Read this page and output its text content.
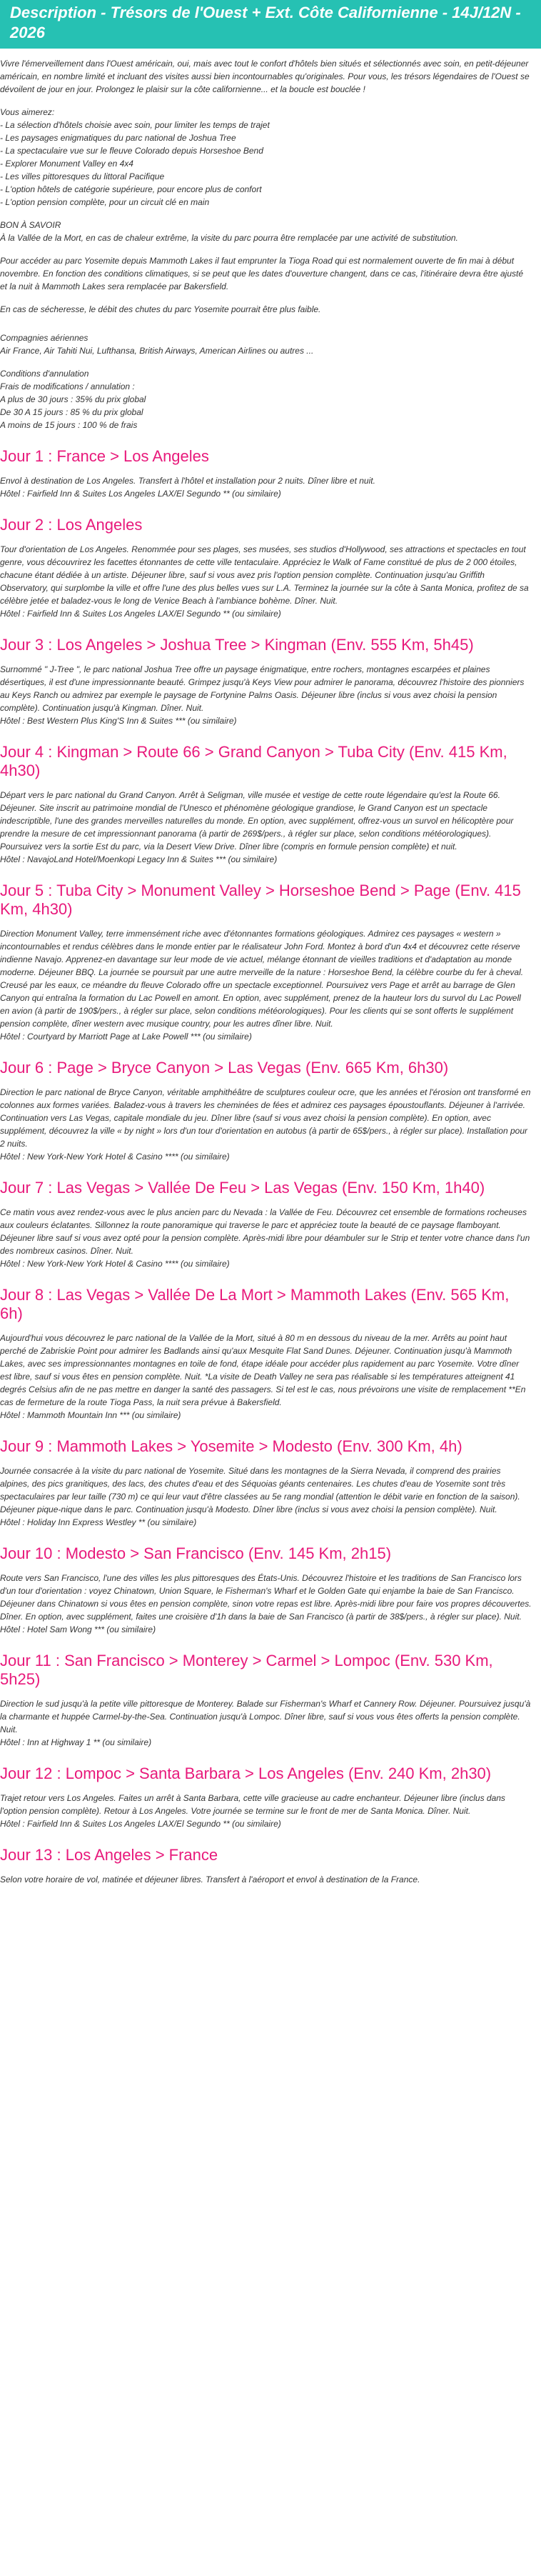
Description - Trésors de l'Ouest + Ext. Côte Californienne - 14J/12N - 2026

Vivre l'émerveillement dans l'Ouest américain, oui, mais avec tout le confort d'hôtels bien situés et sélectionnés avec soin, en petit-déjeuner américain, en nombre limité et incluant des visites aussi bien incontournables qu'originales. Pour vous, les trésors légendaires de l'Ouest se dévoilent de jour en jour. Prolongez le plaisir sur la côte californienne... et la boucle est bouclée !

Vous aimerez:
- La sélection d'hôtels choisie avec soin, pour limiter les temps de trajet
- Les paysages enigmatiques du parc national de Joshua Tree
- La spectaculaire vue sur le fleuve Colorado depuis Horseshoe Bend
- Explorer Monument Valley en 4x4
- Les villes pittoresques du littoral Pacifique
- L'option hôtels de catégorie supérieure, pour encore plus de confort
- L'option pension complète, pour un circuit clé en main
BON À SAVOIR
À la Vallée de la Mort, en cas de chaleur extrême, la visite du parc pourra être remplacée par une activité de substitution.

Pour accéder au parc Yosemite depuis Mammoth Lakes il faut emprunter la Tioga Road qui est normalement ouverte de fin mai à début novembre. En fonction des conditions climatiques, si se peut que les dates d'ouverture changent, dans ce cas, l'itinéraire devra être ajusté et la nuit à Mammoth Lakes sera remplacée par Bakersfield.

En cas de sécheresse, le débit des chutes du parc Yosemite pourrait être plus faible.

Compagnies aériennes
Air France, Air Tahiti Nui, Lufthansa, British Airways, American Airlines ou autres ...
Conditions d'annulation
Frais de modifications / annulation :
A plus de 30 jours : 35% du prix global
De 30 A 15 jours : 85 % du prix global
A moins de 15 jours : 100 % de frais
Jour 1 : France > Los Angeles

Envol à destination de Los Angeles. Transfert à l'hôtel et installation pour 2 nuits. Dîner libre et nuit.

Hôtel : Fairfield Inn & Suites Los Angeles LAX/El Segundo ** (ou similaire)

Jour 2 : Los Angeles

Tour d'orientation de Los Angeles. Renommée pour ses plages, ses musées, ses studios d'Hollywood, ses attractions et spectacles en tout genre, vous découvrirez les facettes étonnantes de cette ville tentaculaire. Appréciez le Walk of Fame constitué de plus de 2 000 étoiles, chacune étant dédiée à un artiste. Déjeuner libre, sauf si vous avez pris l'option pension complète. Continuation jusqu'au Griffith Observatory, qui surplombe la ville et offre l'une des plus belles vues sur L.A. Terminez la journée sur la côte à Santa Monica, profitez de sa célèbre jetée et baladez-vous le long de Venice Beach à l'ambiance bohème. Dîner. Nuit.

Hôtel : Fairfield Inn & Suites Los Angeles LAX/El Segundo ** (ou similaire)

Jour 3 : Los Angeles > Joshua Tree > Kingman (Env. 555 Km, 5h45)

Surnommé " J-Tree ", le parc national Joshua Tree offre un paysage énigmatique, entre rochers, montagnes escarpées et plaines désertiques, il est d'une impressionnante beauté. Grimpez jusqu'à Keys View pour admirer le panorama, découvrez l'histoire des pionniers au Keys Ranch ou admirez par exemple le paysage de Fortynine Palms Oasis. Déjeuner libre (inclus si vous avez choisi la pension complète). Continuation jusqu'à Kingman. Dîner. Nuit.

Hôtel : Best Western Plus King'S Inn & Suites *** (ou similaire)

Jour 4 : Kingman > Route 66 > Grand Canyon > Tuba City (Env. 415 Km, 4h30)

Départ vers le parc national du Grand Canyon. Arrêt à Seligman, ville musée et vestige de cette route légendaire qu'est la Route 66. Déjeuner. Site inscrit au patrimoine mondial de l'Unesco et phénomène géologique grandiose, le Grand Canyon est un spectacle indescriptible, l'une des grandes merveilles naturelles du monde. En option, avec supplément, offrez-vous un survol en hélicoptère pour prendre la mesure de cet impressionnant panorama (à partir de 269$/pers., à régler sur place, selon conditions météorologiques). Poursuivez vers la sortie Est du parc, via la Desert View Drive. Dîner libre (compris en formule pension complète) et nuit.

Hôtel : NavajoLand Hotel/Moenkopi Legacy Inn & Suites *** (ou similaire)

Jour 5 : Tuba City > Monument Valley > Horseshoe Bend > Page (Env. 415 Km, 4h30)

Direction Monument Valley, terre immensément riche avec d'étonnantes formations géologiques. Admirez ces paysages « western » incontournables et rendus célèbres dans le monde entier par le réalisateur John Ford. Montez à bord d'un 4x4 et découvrez cette réserve indienne Navajo. Apprenez-en davantage sur leur mode de vie actuel, mélange étonnant de vieilles traditions et d'adaptation au monde moderne. Déjeuner BBQ. La journée se poursuit par une autre merveille de la nature : Horseshoe Bend, la célèbre courbe du fer à cheval. Creusé par les eaux, ce méandre du fleuve Colorado offre un spectacle exceptionnel. Poursuivez vers Page et arrêt au barrage de Glen Canyon qui entraîna la formation du Lac Powell en amont. En option, avec supplément, prenez de la hauteur lors du survol du Lac Powell en avion (à partir de 190$/pers., à régler sur place, selon conditions météorologiques). Pour les clients qui se sont offerts le supplément pension complète, dîner western avec musique country, pour les autres dîner libre. Nuit.

Hôtel : Courtyard by Marriott Page at Lake Powell *** (ou similaire)

Jour 6 : Page > Bryce Canyon > Las Vegas (Env. 665 Km, 6h30)

Direction le parc national de Bryce Canyon, véritable amphithéâtre de sculptures couleur ocre, que les années et l'érosion ont transformé en colonnes aux formes variées. Baladez-vous à travers les cheminées de fées et admirez ces paysages époustouflants. Déjeuner à l'arrivée. Continuation vers Las Vegas, capitale mondiale du jeu. Dîner libre (sauf si vous avez choisi la pension complète). En option, avec supplément, découvrez la ville « by night » lors d'un tour d'orientation en autobus (à partir de 65$/pers., à régler sur place). Installation pour 2 nuits.

Hôtel : New York-New York Hotel & Casino **** (ou similaire)

Jour 7 : Las Vegas > Vallée De Feu > Las Vegas (Env. 150 Km, 1h40)

Ce matin vous avez rendez-vous avec le plus ancien parc du Nevada : la Vallée de Feu. Découvrez cet ensemble de formations rocheuses aux couleurs éclatantes. Sillonnez la route panoramique qui traverse le parc et appréciez toute la beauté de ce paysage flamboyant. Déjeuner libre sauf si vous avez opté pour la pension complète. Après-midi libre pour déambuler sur le Strip et tenter votre chance dans l'un des nombreux casinos. Dîner. Nuit.

Hôtel : New York-New York Hotel & Casino **** (ou similaire)

Jour 8 : Las Vegas > Vallée De La Mort > Mammoth Lakes (Env. 565 Km, 6h)

Aujourd'hui vous découvrez le parc national de la Vallée de la Mort, situé à 80 m en dessous du niveau de la mer. Arrêts au point haut perché de Zabriskie Point pour admirer les Badlands ainsi qu'aux Mesquite Flat Sand Dunes. Déjeuner. Continuation jusqu'à Mammoth Lakes, avec ses impressionnantes montagnes en toile de fond, étape idéale pour accéder plus rapidement au parc Yosemite. Votre dîner est libre, sauf si vous êtes en pension complète. Nuit. *La visite de Death Valley ne sera pas réalisable si les températures atteignent 41 degrés Celsius afin de ne pas mettre en danger la santé des passagers. Si tel est le cas, nous prévoirons une visite de remplacement **En cas de fermeture de la route Tioga Pass, la nuit sera prévue à Bakersfield.

Hôtel : Mammoth Mountain Inn *** (ou similaire)

Jour 9 : Mammoth Lakes > Yosemite > Modesto (Env. 300 Km, 4h)

Journée consacrée à la visite du parc national de Yosemite. Situé dans les montagnes de la Sierra Nevada, il comprend des prairies alpines, des pics granitiques, des lacs, des chutes d'eau et des Séquoias géants centenaires. Les chutes d'eau de Yosemite sont très spectaculaires par leur taille (730 m) ce qui leur vaut d'être classées au 5e rang mondial (attention le débit varie en fonction de la saison). Déjeuner pique-nique dans le parc. Continuation jusqu'à Modesto. Dîner libre (inclus si vous avez choisi la pension complète). Nuit.

Hôtel : Holiday Inn Express Westley ** (ou similaire)

Jour 10 : Modesto > San Francisco (Env. 145 Km, 2h15)

Route vers San Francisco, l'une des villes les plus pittoresques des États-Unis. Découvrez l'histoire et les traditions de San Francisco lors d'un tour d'orientation : voyez Chinatown, Union Square, le Fisherman's Wharf et le Golden Gate qui enjambe la baie de San Francisco. Déjeuner dans Chinatown si vous êtes en pension complète, sinon votre repas est libre. Après-midi libre pour faire vos propres découvertes. Dîner. En option, avec supplément, faites une croisière d'1h dans la baie de San Francisco (à partir de 38$/pers., à régler sur place). Nuit.

Hôtel : Hotel Sam Wong *** (ou similaire)

Jour 11 : San Francisco > Monterey > Carmel > Lompoc (Env. 530 Km, 5h25)

Direction le sud jusqu'à la petite ville pittoresque de Monterey. Balade sur Fisherman's Wharf et Cannery Row. Déjeuner. Poursuivez jusqu'à la charmante et huppée Carmel-by-the-Sea. Continuation jusqu'à Lompoc. Dîner libre, sauf si vous vous êtes offerts la pension complète. Nuit.

Hôtel : Inn at Highway 1 ** (ou similaire)

Jour 12 : Lompoc > Santa Barbara > Los Angeles (Env. 240 Km, 2h30)

Trajet retour vers Los Angeles. Faites un arrêt à Santa Barbara, cette ville gracieuse au cadre enchanteur. Déjeuner libre (inclus dans l'option pension complète). Retour à Los Angeles. Votre journée se termine sur le front de mer de Santa Monica. Dîner. Nuit.

Hôtel : Fairfield Inn & Suites Los Angeles LAX/El Segundo ** (ou similaire)

Jour 13 : Los Angeles > France

Selon votre horaire de vol, matinée et déjeuner libres. Transfert à l'aéroport et envol à destination de la France.
